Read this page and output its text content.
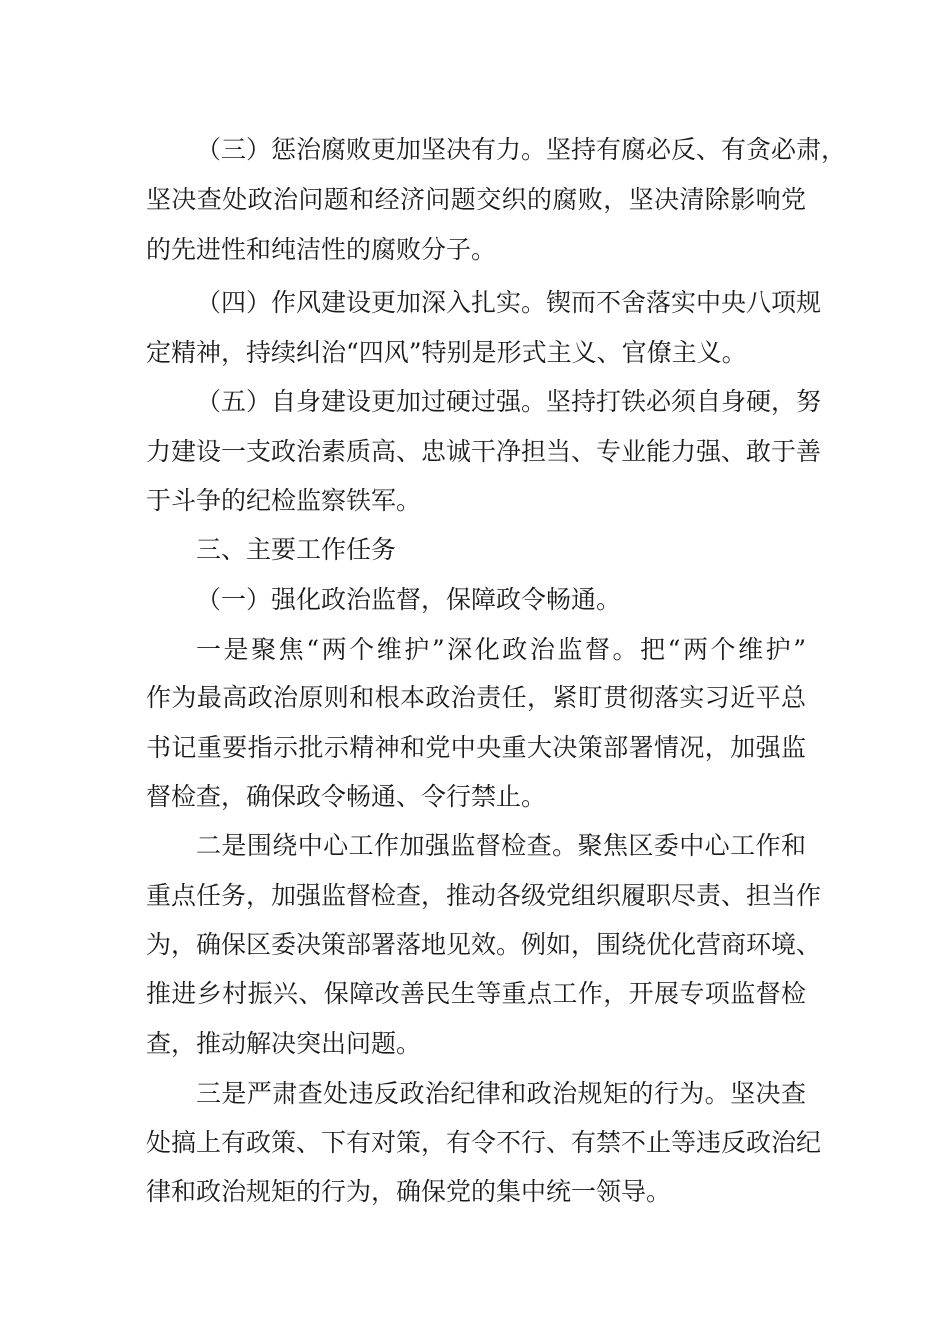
（三）惩治腐败更加坚决有力。坚持有腐必反、有贪必肃，
坚决查处政治问题和经济问题交织的腐败，坚决清除影响党
的先进性和纯洁性的腐败分子。
（四）作风建设更加深入扎实。锲而不舍落实中央八项规
定精神，持续纠治“四风”特别是形式主义、官僚主义。
（五）自身建设更加过硬过强。坚持打铁必须自身硬，努
力建设一支政治素质高、忠诚干净担当、专业能力强、敢于善
于斗争的纪检监察铁军。
三、主要工作任务
（一）强化政治监督，保障政令畅通。
一是聚焦“两个维护”深化政治监督。把“两个维护”
作为最高政治原则和根本政治责任，紧盯贯彻落实习近平总
书记重要指示批示精神和党中央重大决策部署情况，加强监
督检查，确保政令畅通、令行禁止。
二是围绕中心工作加强监督检查。聚焦区委中心工作和
重点任务，加强监督检查，推动各级党组织履职尽责、担当作
为，确保区委决策部署落地见效。例如，围绕优化营商环境、
推进乡村振兴、保障改善民生等重点工作，开展专项监督检
查，推动解决突出问题。
三是严肃查处违反政治纪律和政治规矩的行为。坚决查
处搞上有政策、下有对策，有令不行、有禁不止等违反政治纪
律和政治规矩的行为，确保党的集中统一领导。
